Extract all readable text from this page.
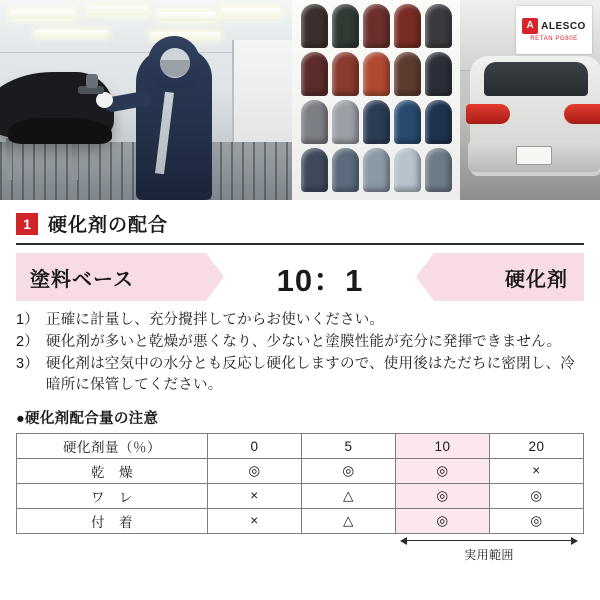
A ALESCO
RETAN PG80E
1 硬化剤の配合
塗料ベース	10：1	硬化剤
1） 正確に計量し、充分攪拌してからお使いください。
2） 硬化剤が多いと乾燥が悪くなり、少ないと塗膜性能が充分に発揮できません。
3） 硬化剤は空気中の水分とも反応し硬化しますので、使用後はただちに密閉し、冷暗所に保管してください。
●硬化剤配合量の注意
硬化剤量（％）	0	5	10	20
乾　燥	◎	◎	◎	×
ワ　レ	×	△	◎	◎
付　着	×	△	◎	◎
実用範囲
